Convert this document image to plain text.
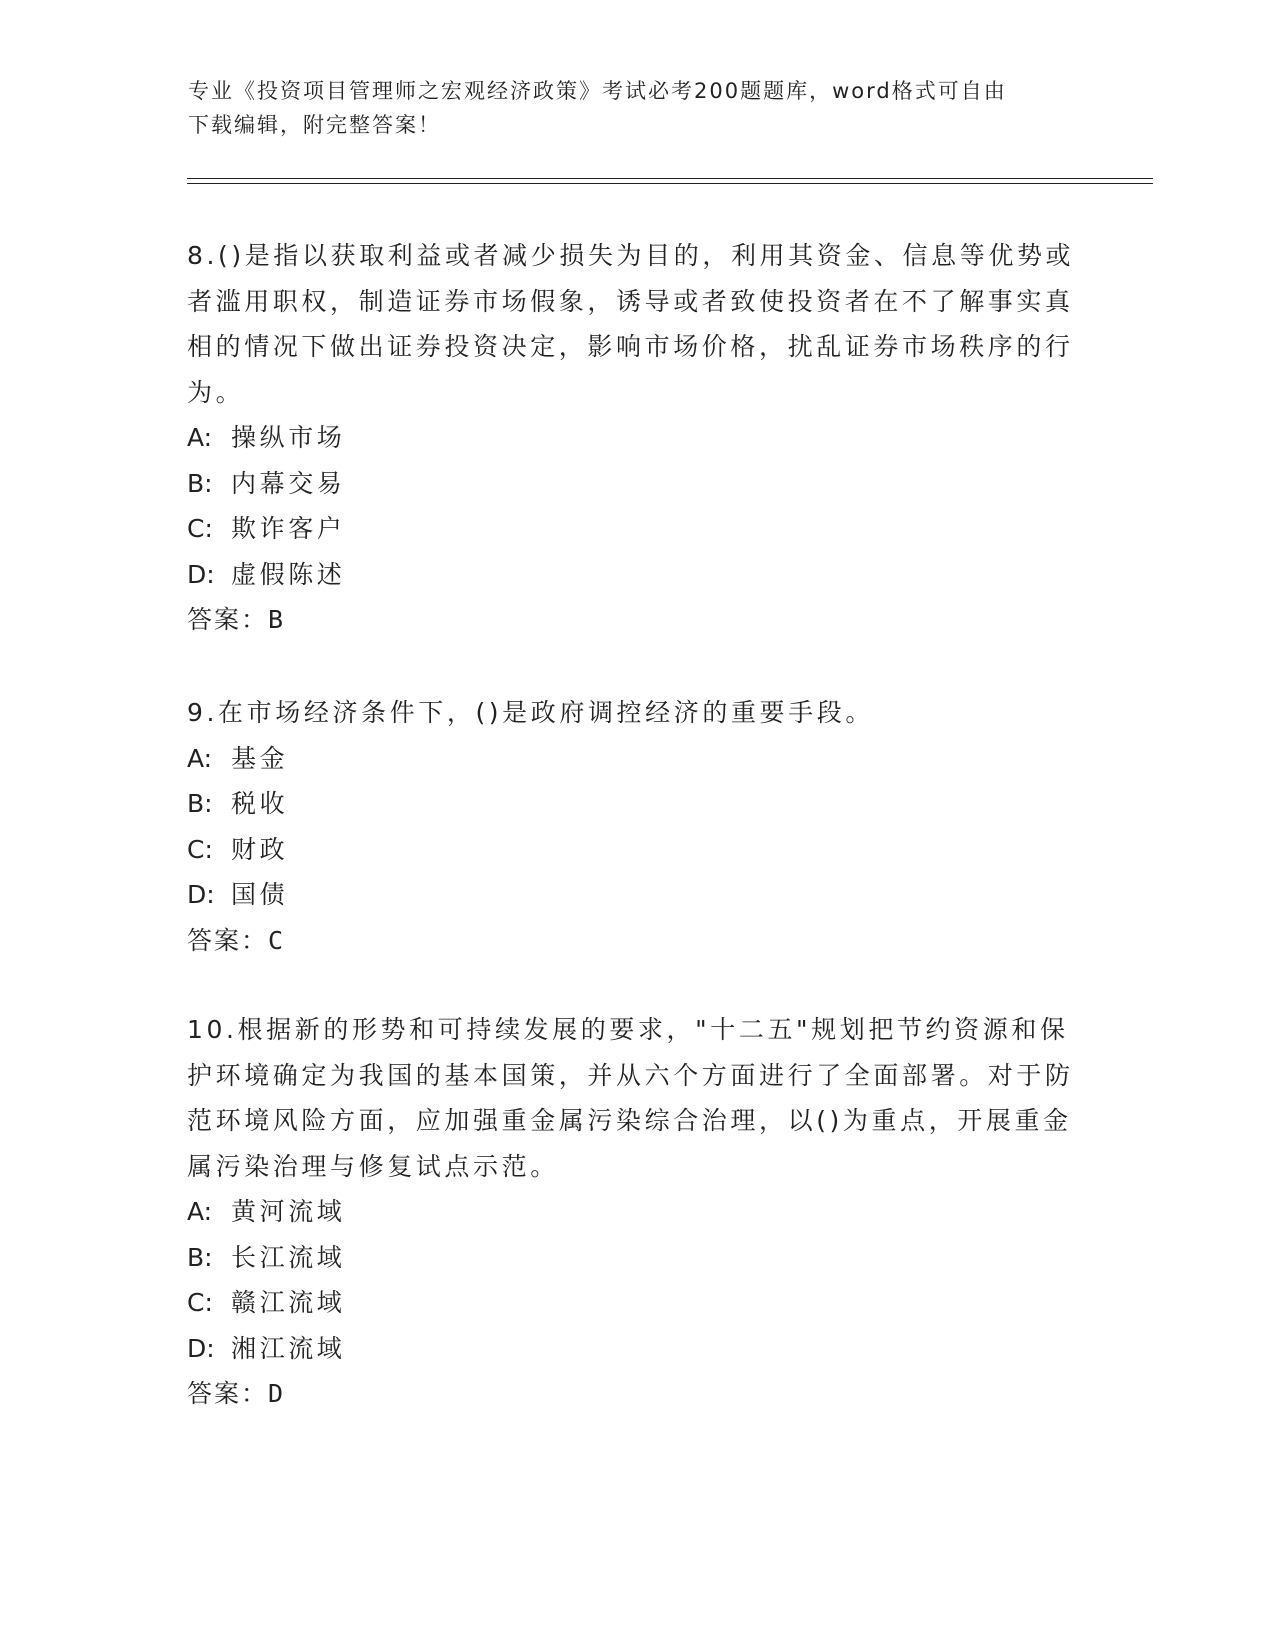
专业《投资项目管理师之宏观经济政策》考试必考200题题库，word格式可自由
下载编辑，附完整答案！

8.()是指以获取利益或者减少损失为目的，利用其资金、信息等优势或者滥用职权，制造证券市场假象，诱导或者致使投资者在不了解事实真相的情况下做出证券投资决定，影响市场价格，扰乱证券市场秩序的行为。

A: 操纵市场

B: 内幕交易

C: 欺诈客户

D: 虚假陈述

答案：B

9.在市场经济条件下，()是政府调控经济的重要手段。

A: 基金

B: 税收

C: 财政

D: 国债

答案：C

10.根据新的形势和可持续发展的要求，"十二五"规划把节约资源和保护环境确定为我国的基本国策，并从六个方面进行了全面部署。对于防范环境风险方面，应加强重金属污染综合治理，以()为重点，开展重金属污染治理与修复试点示范。

A: 黄河流域

B: 长江流域

C: 赣江流域

D: 湘江流域

答案：D
